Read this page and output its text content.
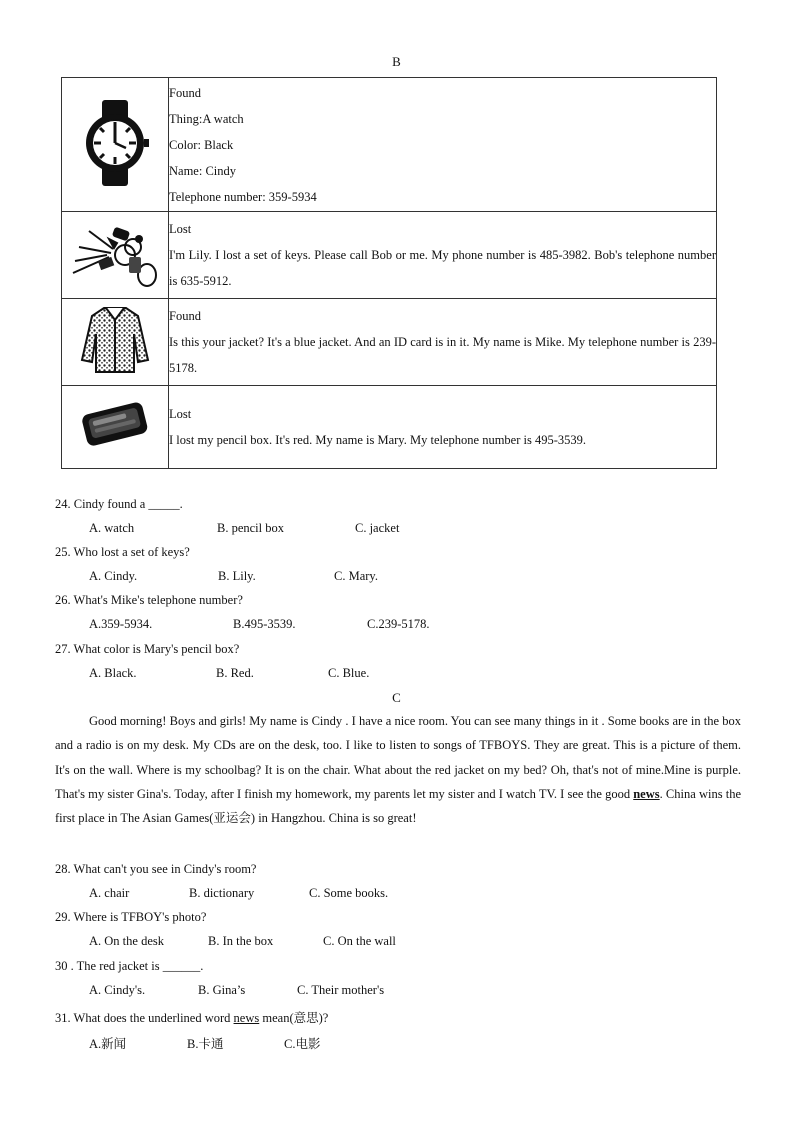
B

Found
Thing:A watch
Color: Black
Name: Cindy
Telephone number: 359-5934

Lost
I'm Lily. I lost a set of keys. Please call Bob or me. My phone number is 485-3982. Bob's telephone number is 635-5912.

Found
Is this your jacket? It's a blue jacket. And an ID card is in it. My name is Mike. My telephone number is 239-5178.

Lost
I lost my pencil box. It's red. My name is Mary. My telephone number is 495-3539.
24. Cindy found a _____.
A. watch	B. pencil box	C. jacket
25. Who lost a set of keys?
A. Cindy.	B. Lily.	C. Mary.
26. What's Mike's telephone number?
A.359-5934.	B.495-3539.	C.239-5178.
27. What color is Mary's pencil box?
A. Black.	B. Red.	C. Blue.
C
Good morning! Boys and girls! My name is Cindy . I have a nice room. You can see many things in it . Some books are in the box and a radio is on my desk. My CDs are on the desk, too. I like to listen to songs of TFBOYS. They are great. This is a picture of them. It's on the wall. Where is my schoolbag? It is on the chair. What about the red jacket on my bed? Oh, that's not of mine.Mine is purple. That's my sister Gina's. Today, after I finish my homework, my parents let my sister and I watch TV. I see the good news. China wins the first place in The Asian Games(亚运会) in Hangzhou. China is so great!
28. What can't you see in Cindy's room?
A. chair	B. dictionary	C. Some books.
29. Where is TFBOY's photo?
A. On the desk	B. In the box	C. On the wall
30 . The red jacket is ______.
A. Cindy's.	B. Gina’s	C. Their mother's
31. What does the underlined word news mean(意思)?
A.新闻	B.卡通	C.电影
